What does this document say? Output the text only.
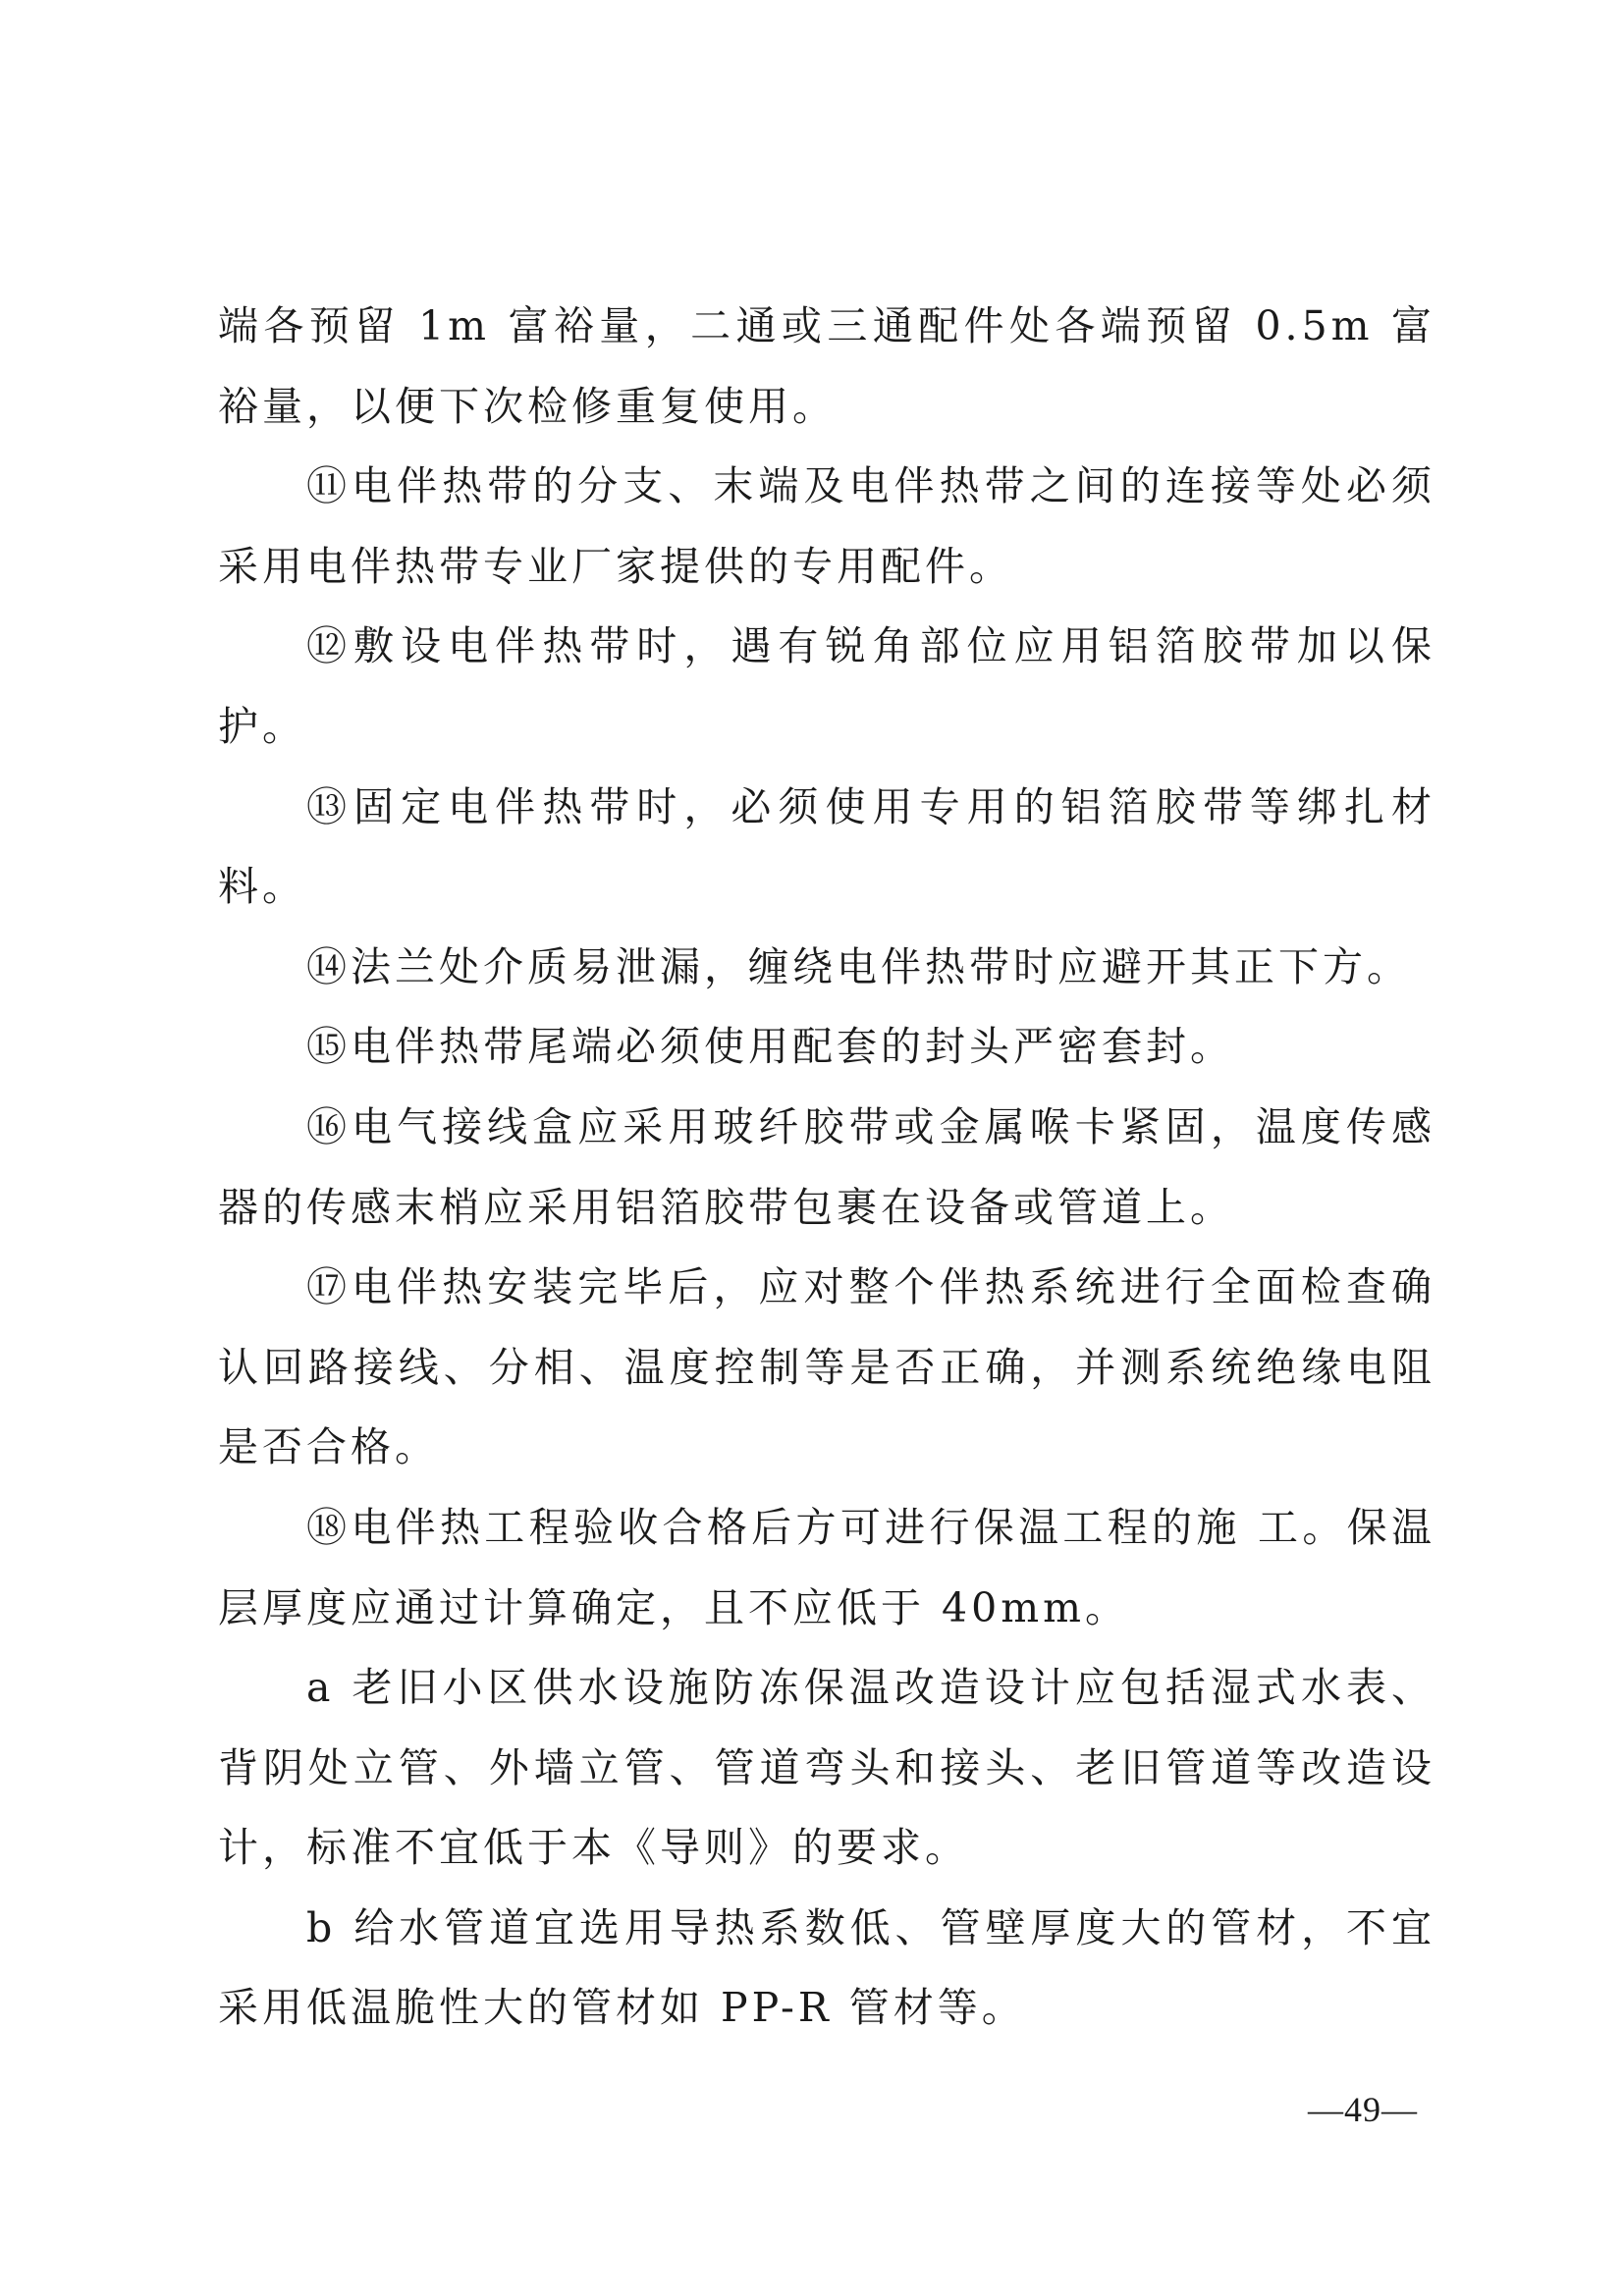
端各预留 1m 富裕量，二通或三通配件处各端预留 0.5m 富裕量，以便下次检修重复使用。

⑪电伴热带的分支、末端及电伴热带之间的连接等处必须采用电伴热带专业厂家提供的专用配件。

⑫敷设电伴热带时，遇有锐角部位应用铝箔胶带加以保护。

⑬固定电伴热带时，必须使用专用的铝箔胶带等绑扎材料。

⑭法兰处介质易泄漏，缠绕电伴热带时应避开其正下方。

⑮电伴热带尾端必须使用配套的封头严密套封。

⑯电气接线盒应采用玻纤胶带或金属喉卡紧固，温度传感器的传感末梢应采用铝箔胶带包裹在设备或管道上。

⑰电伴热安装完毕后，应对整个伴热系统进行全面检查确认回路接线、分相、温度控制等是否正确，并测系统绝缘电阻是否合格。

⑱电伴热工程验收合格后方可进行保温工程的施 工。保温层厚度应通过计算确定，且不应低于 40mm。

a 老旧小区供水设施防冻保温改造设计应包括湿式水表、背阴处立管、外墙立管、管道弯头和接头、老旧管道等改造设计，标准不宜低于本《导则》的要求。

b 给水管道宜选用导热系数低、管壁厚度大的管材，不宜采用低温脆性大的管材如 PP-R 管材等。

—49—
